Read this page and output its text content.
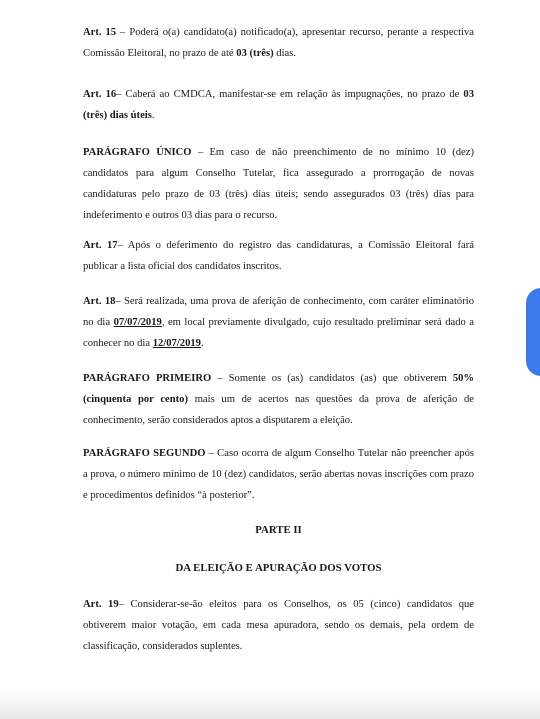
Art. 15 – Poderá o(a) candidato(a) notificado(a), apresentar recurso, perante a respectiva Comissão Eleitoral, no prazo de até 03 (três) dias.

Art. 16– Caberá ao CMDCA, manifestar-se em relação às impugnações, no prazo de 03 (três) dias úteis.

PARÁGRAFO ÚNICO – Em caso de não preenchimento de no mínimo 10 (dez) candidatos para algum Conselho Tutelar, fica assegurado a prorrogação de novas candidaturas pelo prazo de 03 (três) dias úteis; sendo assegurados 03 (três) dias para indeferimento e outros 03 dias para o recurso.

Art. 17– Após o deferimento do registro das candidaturas, a Comissão Eleitoral fará publicar a lista oficial dos candidatos inscritos.

Art. 18– Será realizada, uma prova de aferição de conhecimento, com caráter eliminatório no dia 07/07/2019, em local previamente divulgado, cujo resultado preliminar será dado a conhecer no dia 12/07/2019.

PARÁGRAFO PRIMEIRO – Somente os (as) candidatos (as) que obtiverem 50% (cinquenta por cento) mais um de acertos nas questões da prova de aferição de conhecimento, serão considerados aptos a disputarem a eleição.

PARÁGRAFO SEGUNDO – Caso ocorra de algum Conselho Tutelar não preencher após a prova, o número mínimo de 10 (dez) candidatos, serão abertas novas inscrições com prazo e procedimentos definidos “à posterior”.

PARTE II
DA ELEIÇÃO E APURAÇÃO DOS VOTOS

Art. 19– Considerar-se-ão eleitos para os Conselhos, os 05 (cinco) candidatos que obtiverem maior votação, em cada mesa apuradora, sendo os demais, pela ordem de classificação, considerados suplentes.
